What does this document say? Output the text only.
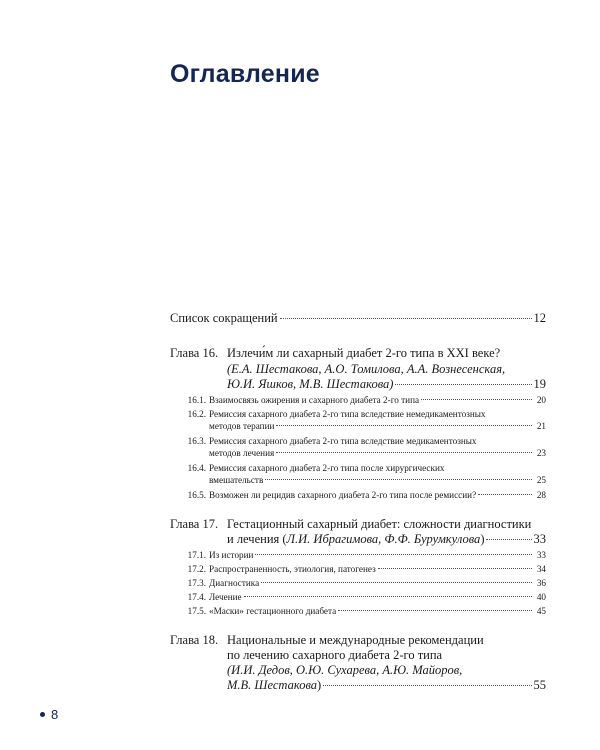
Оглавление
Список сокращений	12
Глава 16. Излечи́м ли сахарный диабет 2-го типа в XXI веке?
(Е.А. Шестакова, А.О. Томилова, А.А. Вознесенская,
Ю.И. Яшков, М.В. Шестакова)	19
16.1. Взаимосвязь ожирения и сахарного диабета 2-го типа	20
16.2. Ремиссия сахарного диабета 2-го типа вследствие немедикаментозных
методов терапии	21
16.3. Ремиссия сахарного диабета 2-го типа вследствие медикаментозных
методов лечения	23
16.4. Ремиссия сахарного диабета 2-го типа после хирургических
вмешательств	25
16.5. Возможен ли рецидив сахарного диабета 2-го типа после ремиссии?	28
Глава 17. Гестационный сахарный диабет: сложности диагностики
и лечения (Л.И. Ибрагимова, Ф.Ф. Бурумкулова)	33
17.1. Из истории	33
17.2. Распространенность, этиология, патогенез	34
17.3. Диагностика	36
17.4. Лечение	40
17.5. «Маски» гестационного диабета	45
Глава 18. Национальные и международные рекомендации
по лечению сахарного диабета 2-го типа
(И.И. Дедов, О.Ю. Сухарева, А.Ю. Майоров,
М.В. Шестакова)	55
8
